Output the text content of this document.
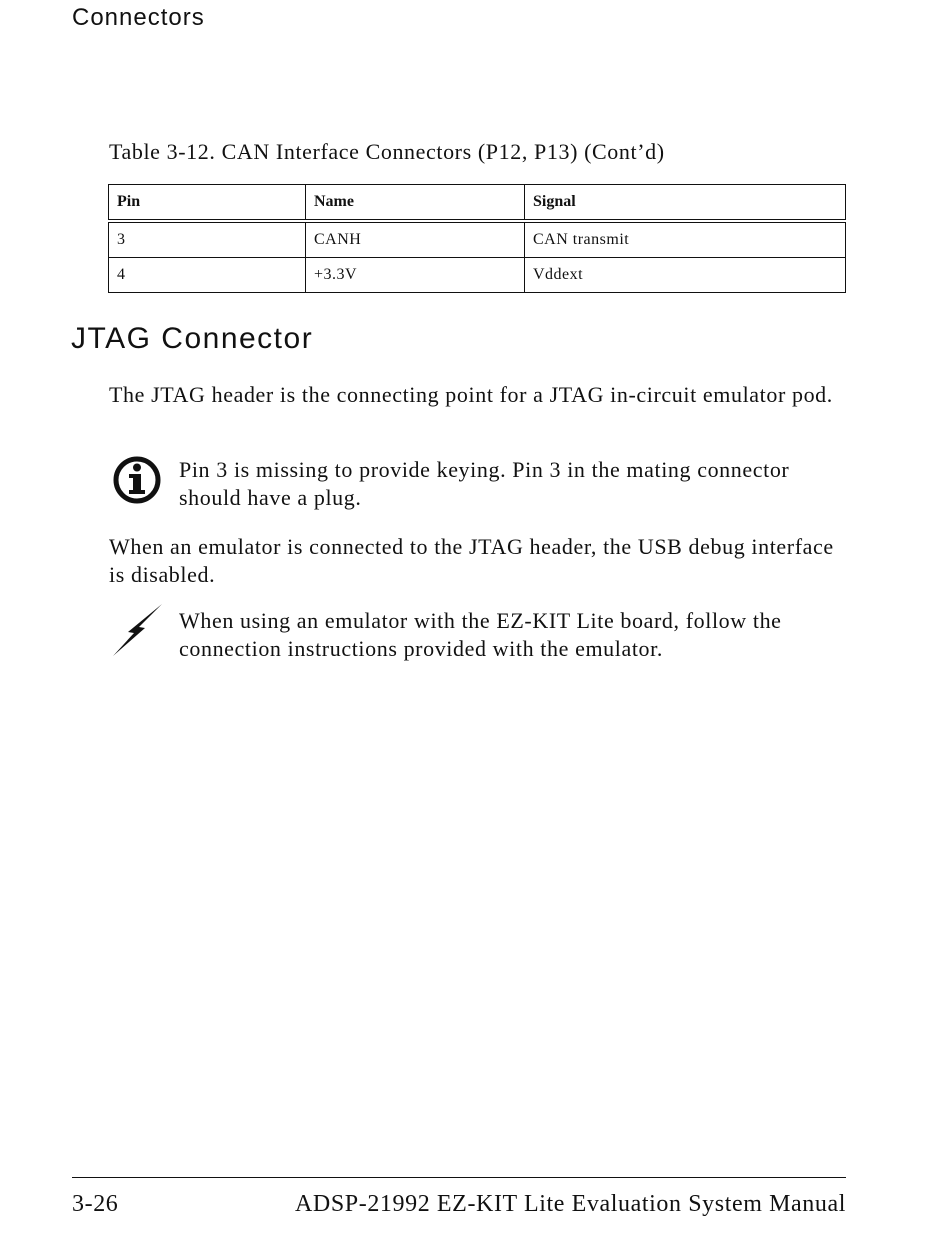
Connectors
Table 3-12. CAN Interface Connectors (P12, P13) (Cont’d)
Pin	Name	Signal
3	CANH	CAN transmit
4	+3.3V	Vddext
JTAG Connector

The JTAG header is the connecting point for a JTAG in-circuit emulator pod.

Pin 3 is missing to provide keying. Pin 3 in the mating connector should have a plug.

When an emulator is connected to the JTAG header, the USB debug interface is disabled.

When using an emulator with the EZ-KIT Lite board, follow the connection instructions provided with the emulator.

3-26	ADSP-21992 EZ-KIT Lite Evaluation System Manual
